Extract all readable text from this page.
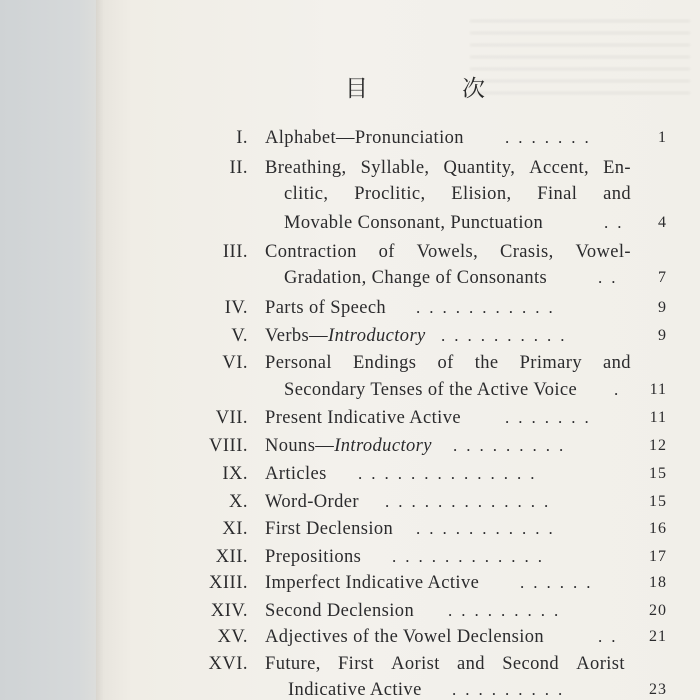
目	次
I. Alphabet—Pronunciation .......	1
II. Breathing, Syllable, Quantity, Accent, En-
clitic, Proclitic, Elision, Final and
Movable Consonant, Punctuation	.. 4
III. Contraction of Vowels, Crasis, Vowel-
Gradation, Change of Consonants	.. 7
IV. Parts of Speech ...........	9
V. Verbs—Introductory ..........	9
VI. Personal Endings of the Primary and
Secondary Tenses of the Active Voice . 11
VII. Present Indicative Active	.......	11
VIII. Nouns—Introductory .........	12
IX. Articles ..............	15
X. Word-Order .............	15
XI. First Declension ...........	16
XII. Prepositions ............	17
XIII. Imperfect Indicative Active ......	18
XIV. Second Declension .........	20
XV. Adjectives of the Vowel Declension	.. 21
XVI. Future, First Aorist and Second Aorist
Indicative Active .........	23
